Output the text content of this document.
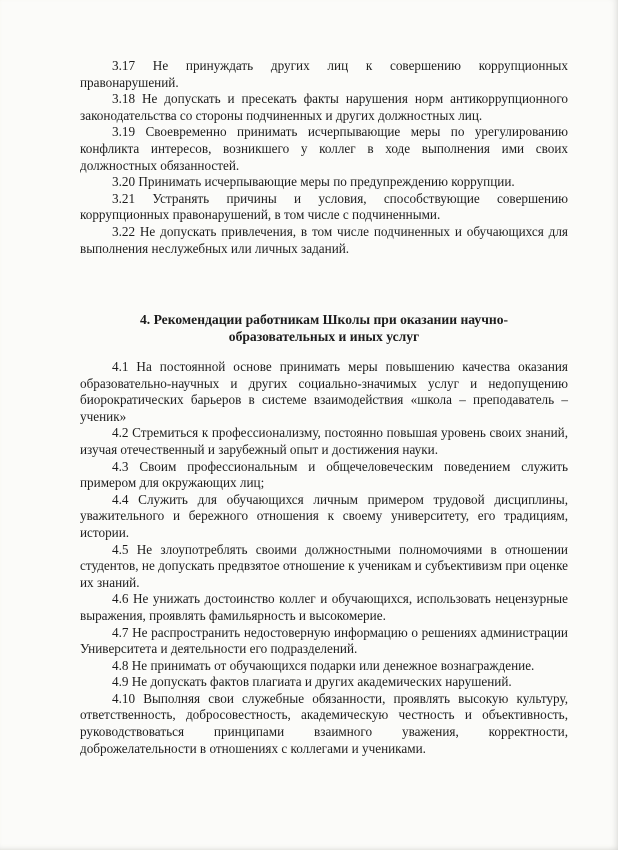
3.17 Не принуждать других лиц к совершению коррупционных правонарушений.

3.18 Не допускать и пресекать факты нарушения норм антикоррупционного законодательства со стороны подчиненных и других должностных лиц.

3.19 Своевременно принимать исчерпывающие меры по урегулированию конфликта интересов, возникшего у коллег в ходе выполнения ими своих должностных обязанностей.

3.20 Принимать исчерпывающие меры по предупреждению коррупции.

3.21 Устранять причины и условия, способствующие совершению коррупционных правонарушений, в том числе с подчиненными.

3.22 Не допускать привлечения, в том числе подчиненных и обучающихся для выполнения неслужебных или личных заданий.

4. Рекомендации работникам Школы при оказании научно-
образовательных и иных услуг

4.1 На постоянной основе принимать меры повышению качества оказания образовательно-научных и других социально-значимых услуг и недопущению биорократических барьеров в системе взаимодействия «школа – преподаватель – ученик»

4.2 Стремиться к профессионализму, постоянно повышая уровень своих знаний, изучая отечественный и зарубежный опыт и достижения науки.

4.3 Своим профессиональным и общечеловеческим поведением служить примером для окружающих лиц;

4.4 Служить для обучающихся личным примером трудовой дисциплины, уважительного и бережного отношения к своему университету, его традициям, истории.

4.5 Не злоупотреблять своими должностными полномочиями в отношении студентов, не допускать предвзятое отношение к ученикам и субъективизм при оценке их знаний.

4.6 Не унижать достоинство коллег и обучающихся, использовать нецензурные выражения, проявлять фамильярность и высокомерие.

4.7 Не распространить недостоверную информацию о решениях администрации Университета и деятельности его подразделений.

4.8 Не принимать от обучающихся подарки или денежное вознаграждение.

4.9 Не допускать фактов плагиата и других академических нарушений.

4.10 Выполняя свои служебные обязанности, проявлять высокую культуру, ответственность, добросовестность, академическую честность и объективность, руководствоваться принципами взаимного уважения, корректности, доброжелательности в отношениях с коллегами и учениками.
